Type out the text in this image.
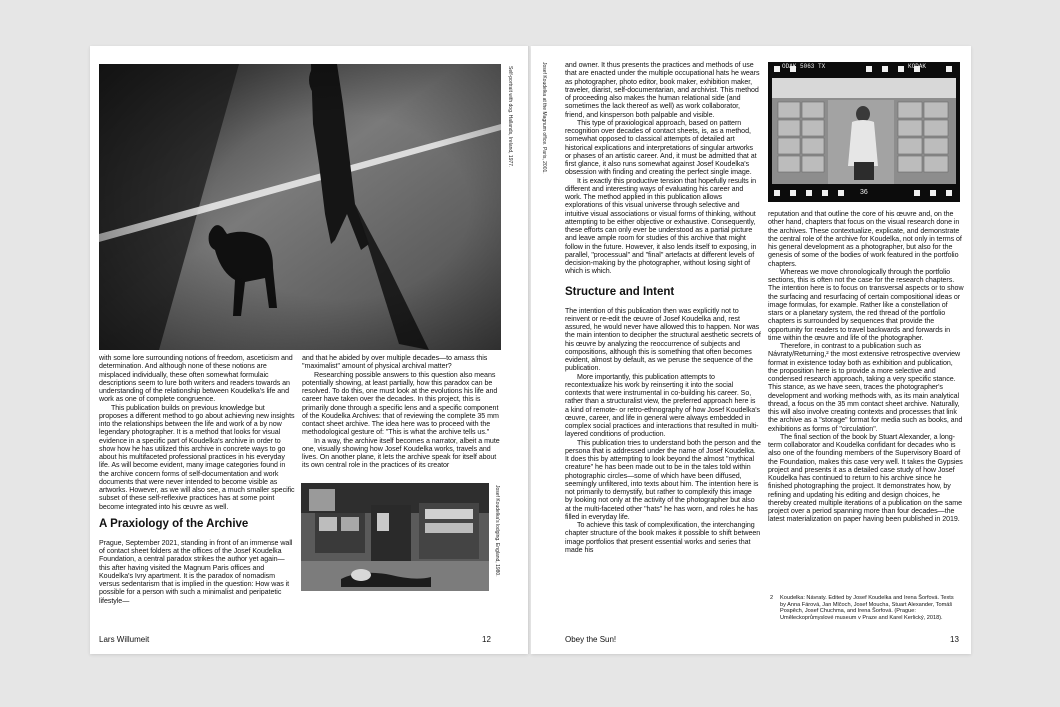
Self-portrait with dog. Hallands, Ireland, 1977.

with some lore surrounding notions of freedom, asceticism and determination. And although none of these notions are misplaced individually, these often somewhat formulaic descriptions seem to lure both writers and readers towards an understanding of the relationship between Koudelka's life and work as one of complete congruence.

This publication builds on previous knowledge but proposes a different method to go about achieving new insights into the relationships between the life and work of a by now legendary photographer. It is a method that looks for visual evidence in a specific part of Koudelka's archive in order to show how he has utilized this archive in concrete ways to go about his multifaceted professional practices in his everyday life. As will become evident, many image categories found in the archive concern forms of self-documentation and work documents that were never intended to become visible as artworks. However, as we will also see, a much smaller specific subset of these self-reflexive practices has at some point become integrated into his œuvre as well.

A Praxiology of the Archive

Prague, September 2021, standing in front of an immense wall of contact sheet folders at the offices of the Josef Koudelka Foundation, a central paradox strikes the author yet again—this after having visited the Magnum Paris offices and Koudelka's Ivry apartment. It is the paradox of nomadism versus sedentarism that is implied in the question: How was it possible for a person with such a minimalist and peripatetic lifestyle—

and that he abided by over multiple decades—to amass this "maximalist" amount of physical archival matter?

Researching possible answers to this question also means potentially showing, at least partially, how this paradox can be resolved. To do this, one must look at the evolutions his life and career have taken over the decades. In this project, this is primarily done through a specific lens and a specific component of the Koudelka Archives: that of reviewing the complete 35 mm contact sheet archive. The idea here was to proceed with the methodological gesture of: "This is what the archive tells us."

In a way, the archive itself becomes a narrator, albeit a mute one, visually showing how Josef Koudelka works, travels and lives. On another plane, it lets the archive speak for itself about its own central role in the practices of its creator

Josef Koudelka's lodging. England, 1980.
Lars Willumeit	12
Josef Koudelka at the Magnum office. Paris, 2001.	and owner. It thus presents the practices and methods of use that are enacted under the multiple occupational hats he wears as photographer, photo editor, book maker, exhibition maker, traveler, diarist, self-documentarian, and archivist. This method of proceeding also makes the human relational side (and sometimes the lack thereof as well) as work collaborator, friend, and kinsperson both palpable and visible.

This type of praxiological approach, based on pattern recognition over decades of contact sheets, is, as a method, somewhat opposed to classical attempts of detailed art historical explications and interpretations of singular artworks or phases of an artistic career. And, it must be admitted that at first glance, it also runs somewhat against Josef Koudelka's obsession with finding and creating the perfect single image.

It is exactly this productive tension that hopefully results in different and interesting ways of evaluating his career and work. The method applied in this publication allows explorations of this visual universe through selective and intuitive visual associations or visual forms of thinking, without attempting to be either objective or exhaustive. Consequently, these efforts can only ever be understood as a partial picture and leave ample room for studies of this archive that might follow in the future. However, it also lends itself to exposing, in parallel, "processual" and "final" artefacts at different levels of decision-making by the photographer, without losing sight of which is which.

Structure and Intent

The intention of this publication then was explicitly not to reinvent or re-edit the œuvre of Josef Koudelka and, rest assured, he would never have allowed this to happen. Nor was the main intention to decipher the structural aesthetic secrets of his œuvre by analyzing the reoccurrence of subjects and compositions, although this is something that often becomes evident, almost by default, as we peruse the sequence of the publication.

More importantly, this publication attempts to recontextualize his work by reinserting it into the social contexts that were instrumental in co-building his career. So, rather than a structuralist view, the preferred approach here is a kind of remote- or retro-ethnography of how Josef Koudelka's œuvre, career, and life in general were always embedded in complex social practices and interactions that resulted in multi-layered conditions of production.

This publication tries to understand both the person and the persona that is addressed under the name of Josef Koudelka. It does this by attempting to look beyond the almost "mythical creature" he has been made out to be in the tales told within photographic circles—some of which have been diffused, seemingly unfiltered, into texts about him. The intention here is not primarily to demystify, but rather to complexify this image by looking not only at the activity of the photographer but also at the multi-faceted other "hats" he has worn, and roles he has filled in everyday life.

To achieve this task of complexification, the interchanging chapter structure of the book makes it possible to shift between image portfolios that present essential works and series that made his

ODAK 5063 TX	KODAK
36

reputation and that outline the core of his œuvre and, on the other hand, chapters that focus on the visual research done in the archives. These contextualize, explicate, and demonstrate the central role of the archive for Koudelka, not only in terms of his general development as a photographer, but also for the genesis of some of the bodies of work featured in the portfolio chapters.

Whereas we move chronologically through the portfolio sections, this is often not the case for the research chapters. The intention here is to focus on transversal aspects or to show the surfacing and resurfacing of certain compositional ideas or image formulas, for example. Rather like a constellation of stars or a planetary system, the red thread of the portfolio chapters is surrounded by sequences that provide the opportunity for readers to travel backwards and forwards in time within the œuvre and life of the photographer.

Therefore, in contrast to a publication such as Návraty/Returning,² the most extensive retrospective overview format in existence today both as exhibition and publication, the proposition here is to provide a more selective and condensed research approach, taking a very specific stance. This stance, as we have seen, traces the photographer's development and working methods with, as its main analytical thread, a focus on the 35 mm contact sheet archive. Naturally, this will also involve creating contexts and processes that link the archive as a "storage" format for media such as books, and exhibitions as forms of "circulation".

The final section of the book by Stuart Alexander, a long-term collaborator and Koudelka confidant for decades who is also one of the founding members of the Supervisory Board of the Foundation, makes this case very well. It takes the Gypsies project and presents it as a detailed case study of how Josef Koudelka has continued to return to his archive since he finished photographing the project. It demonstrates how, by refining and updating his editing and design choices, he thereby created multiple iterations of a publication on the same project over a period spanning more than four decades—the latest materialization on paper having been published in 2019.

2 Koudelka: Návraty. Edited by Josef Koudelka and Irena Šorfová. Texts by Anna Fárová, Jan Mlčoch, Josef Moucha, Stuart Alexander, Tomáš Pospěch, Josef Chuchma, and Irena Šorfová. (Prague: Uměleckoprůmyslové museum v Praze and Karel Kerlický, 2018).
Obey the Sun!	13
